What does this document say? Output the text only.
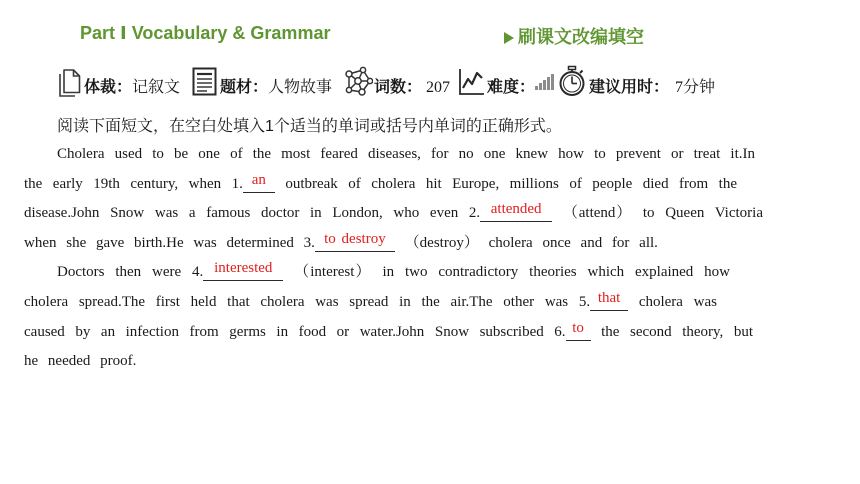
Part Ⅰ Vocabulary & Grammar	刷课文改编填空
体裁：记叙文 题材：人物故事	词数： 207 难度：	建议用时： 7分钟
阅读下面短文，在空白处填入1个适当的单词或括号内单词的正确形式。
Cholera used to be one of the most feared diseases, for no one knew how to prevent or treat it.In
the early 19th century, when 1. an outbreak of cholera hit Europe, millions of people died from the
disease.John Snow was a famous doctor in London, who even 2. attended （attend） to Queen Victoria
when she gave birth.He was determined 3. to destroy （destroy） cholera once and for all.
Doctors then were 4. interested （interest） in two contradictory theories which explained how
cholera spread.The first held that cholera was spread in the air.The other was 5. that cholera was
caused by an infection from germs in food or water.John Snow subscribed 6. to the second theory, but
he needed proof.
